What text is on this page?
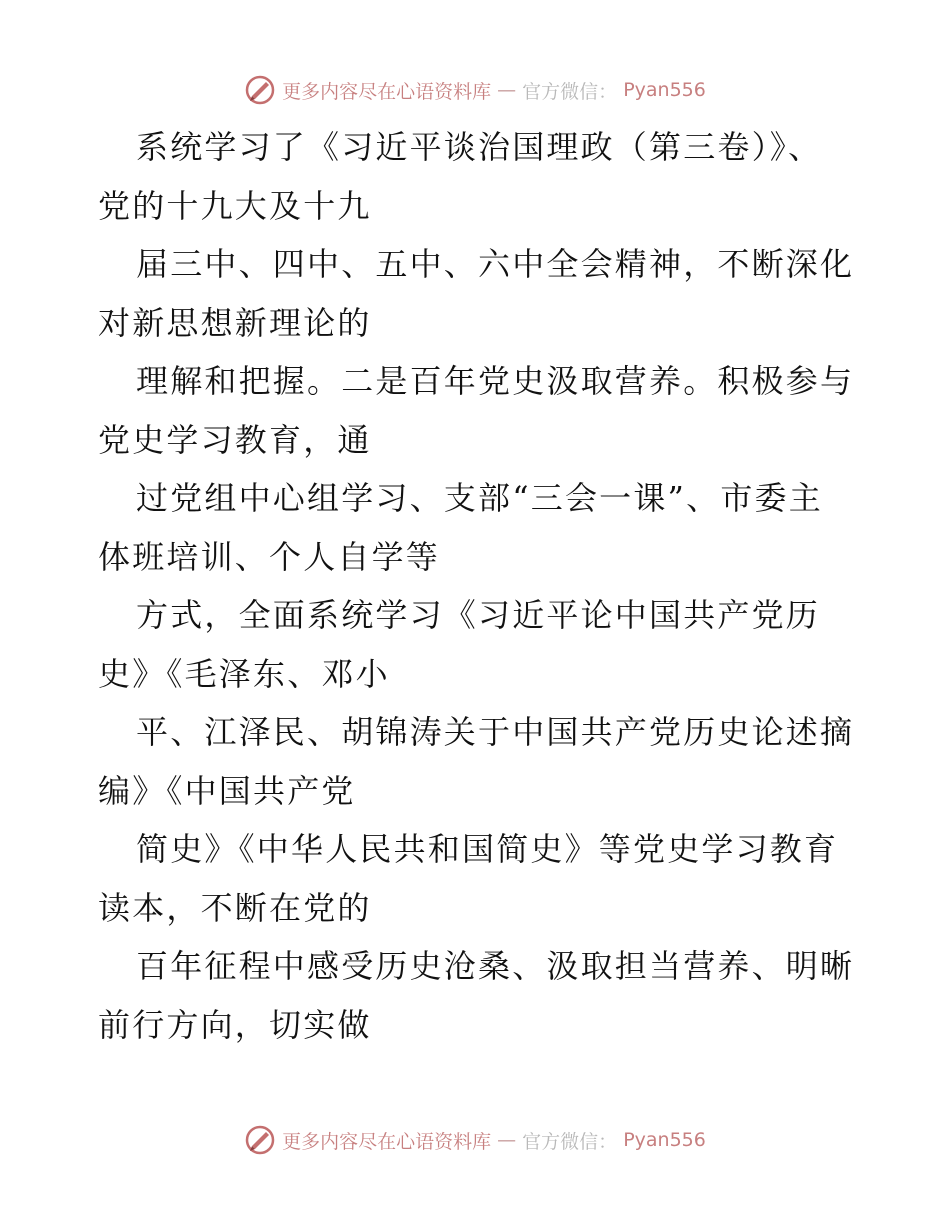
更多内容尽在心语资料库 — 官方微信： Pyan556
系统学习了《习近平谈治国理政（第三卷）》、
党的十九大及十九
届三中、四中、五中、六中全会精神，不断深化
对新思想新理论的
理解和把握。二是百年党史汲取营养。积极参与
党史学习教育，通
过党组中心组学习、支部“三会一课”、市委主
体班培训、个人自学等
方式，全面系统学习《习近平论中国共产党历
史》《毛泽东、邓小
平、江泽民、胡锦涛关于中国共产党历史论述摘
编》《中国共产党
简史》《中华人民共和国简史》等党史学习教育
读本，不断在党的
百年征程中感受历史沧桑、汲取担当营养、明晰
前行方向，切实做
更多内容尽在心语资料库 — 官方微信： Pyan556
